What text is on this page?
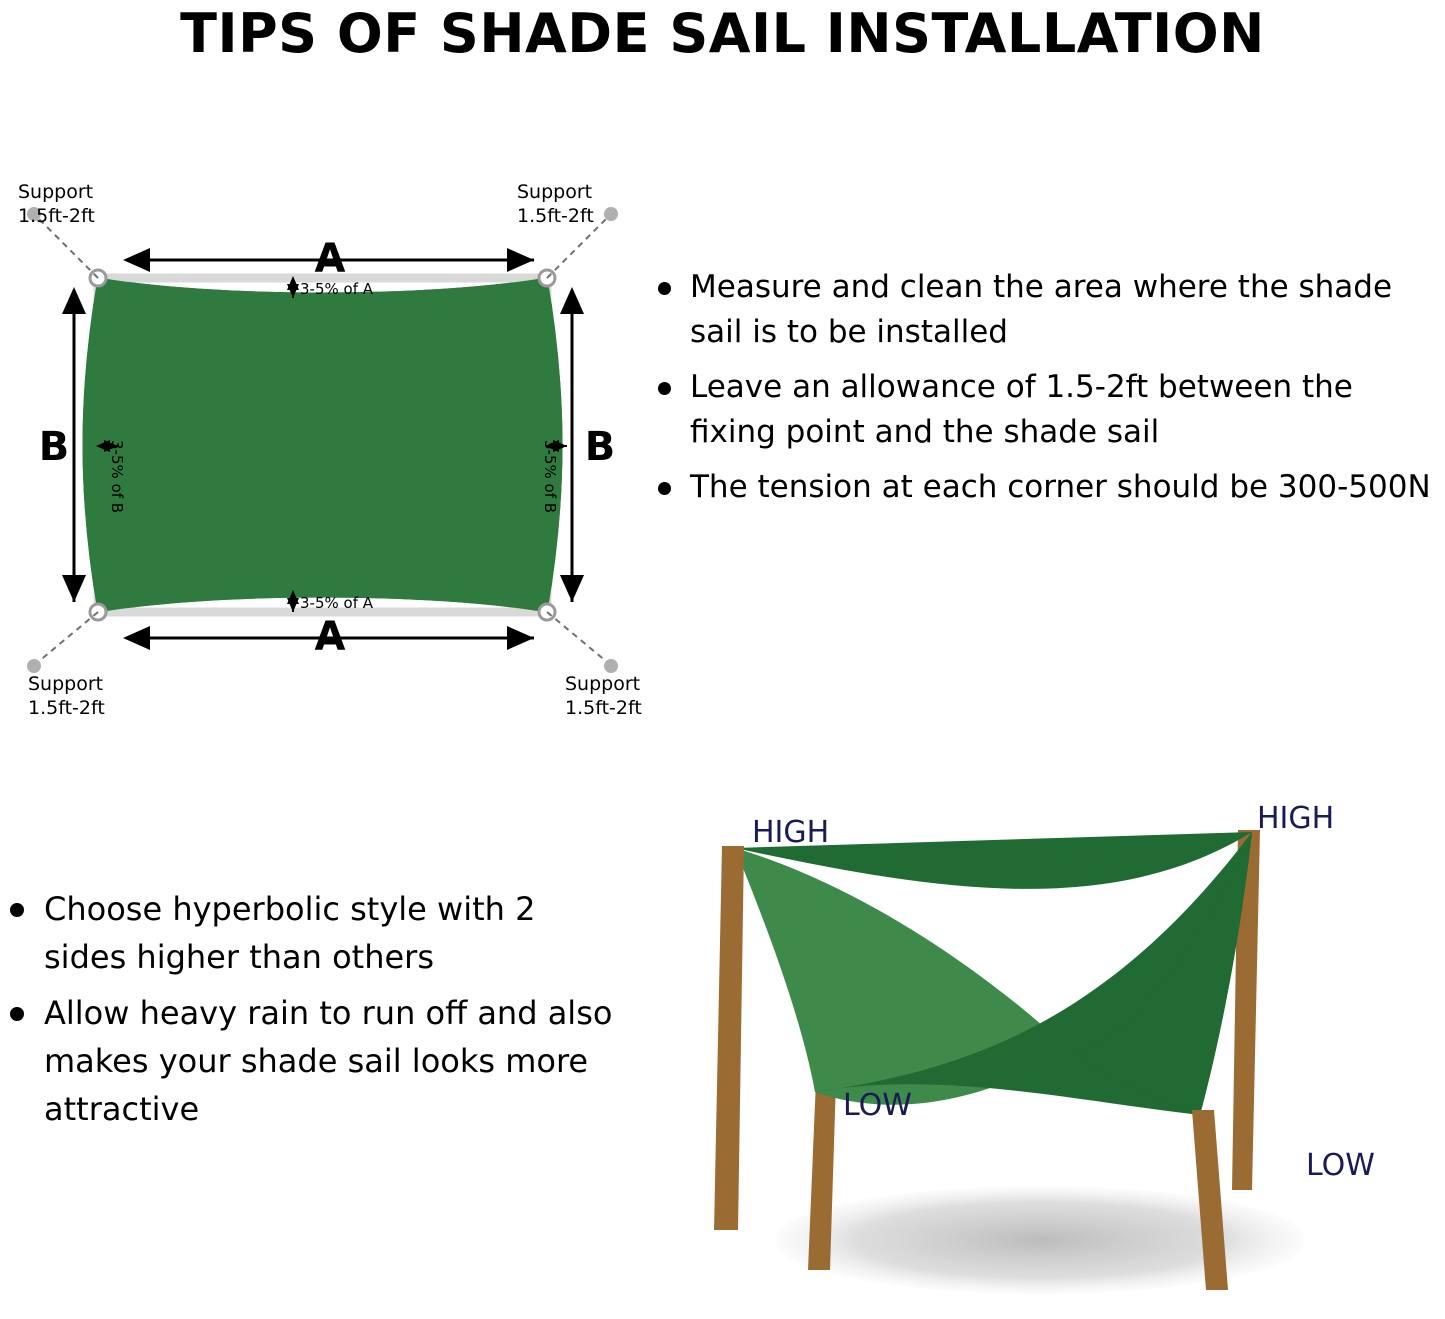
TIPS OF SHADE SAIL INSTALLATION
A
A
B	B
3-5% of A
3-5% of A
3-5% of B	3-5% of B
Support
1.5ft-2ft
Support
1.5ft-2ft
Support
1.5ft-2ft
Support
1.5ft-2ft
Measure and clean the area where the shade sail is to be installed
Leave an allowance of 1.5-2ft between the fixing point and the shade sail
The tension at each corner should be 300-500N
Choose hyperbolic style with 2 sides higher than others
Allow heavy rain to run off and also makes your shade sail looks more attractive
HIGH	HIGH
LOW
LOW
